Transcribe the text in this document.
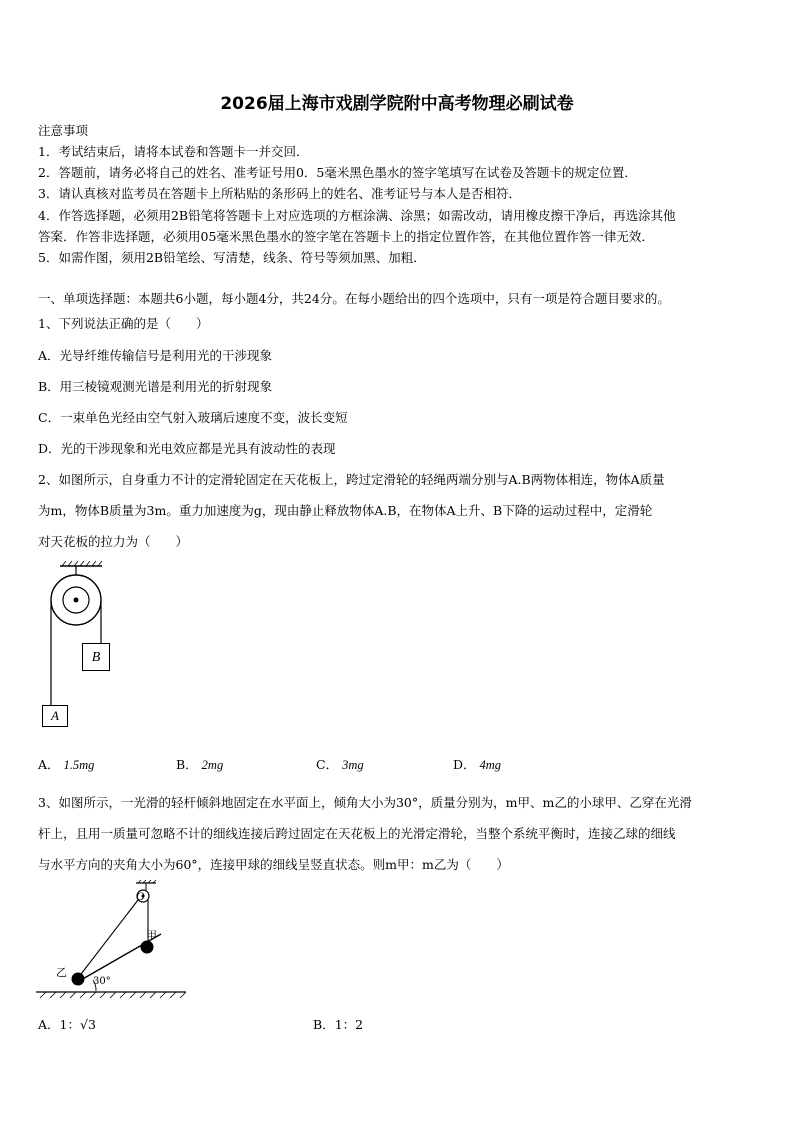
2026届上海市戏剧学院附中高考物理必刷试卷
注意事项
1．考试结束后，请将本试卷和答题卡一并交回．
2．答题前，请务必将自己的姓名、准考证号用0．5毫米黑色墨水的签字笔填写在试卷及答题卡的规定位置．
3．请认真核对监考员在答题卡上所粘贴的条形码上的姓名、准考证号与本人是否相符．
4．作答选择题，必须用2B铅笔将答题卡上对应选项的方框涂满、涂黑；如需改动，请用橡皮擦干净后，再选涂其他
答案．作答非选择题，必须用05毫米黑色墨水的签字笔在答题卡上的指定位置作答，在其他位置作答一律无效．
5．如需作图，须用2B铅笔绘、写清楚，线条、符号等须加黑、加粗．
一、单项选择题：本题共6小题，每小题4分，共24分。在每小题给出的四个选项中，只有一项是符合题目要求的。
1、下列说法正确的是（　　）
A．光导纤维传输信号是利用光的干涉现象
B．用三棱镜观测光谱是利用光的折射现象
C．一束单色光经由空气射入玻璃后速度不变，波长变短
D．光的干涉现象和光电效应都是光具有波动性的表现
2、如图所示，自身重力不计的定滑轮固定在天花板上，跨过定滑轮的轻绳两端分别与A.B两物体相连，物体A质量
为m，物体B质量为3m。重力加速度为g，现由静止释放物体A.B，在物体A上升、B下降的运动过程中，定滑轮
对天花板的拉力为（　　）
B
A
A． 1.5mg	B． 2mg	C． 3mg	D． 4mg
3、如图所示，一光滑的轻杆倾斜地固定在水平面上，倾角大小为30°，质量分别为，m甲、m乙的小球甲、乙穿在光滑
杆上，且用一质量可忽略不计的细线连接后跨过固定在天花板上的光滑定滑轮，当整个系统平衡时，连接乙球的细线
与水平方向的夹角大小为60°，连接甲球的细线呈竖直状态。则m甲：m乙为（　　）
O
甲
乙
30°
A．1：√3	B．1：2
